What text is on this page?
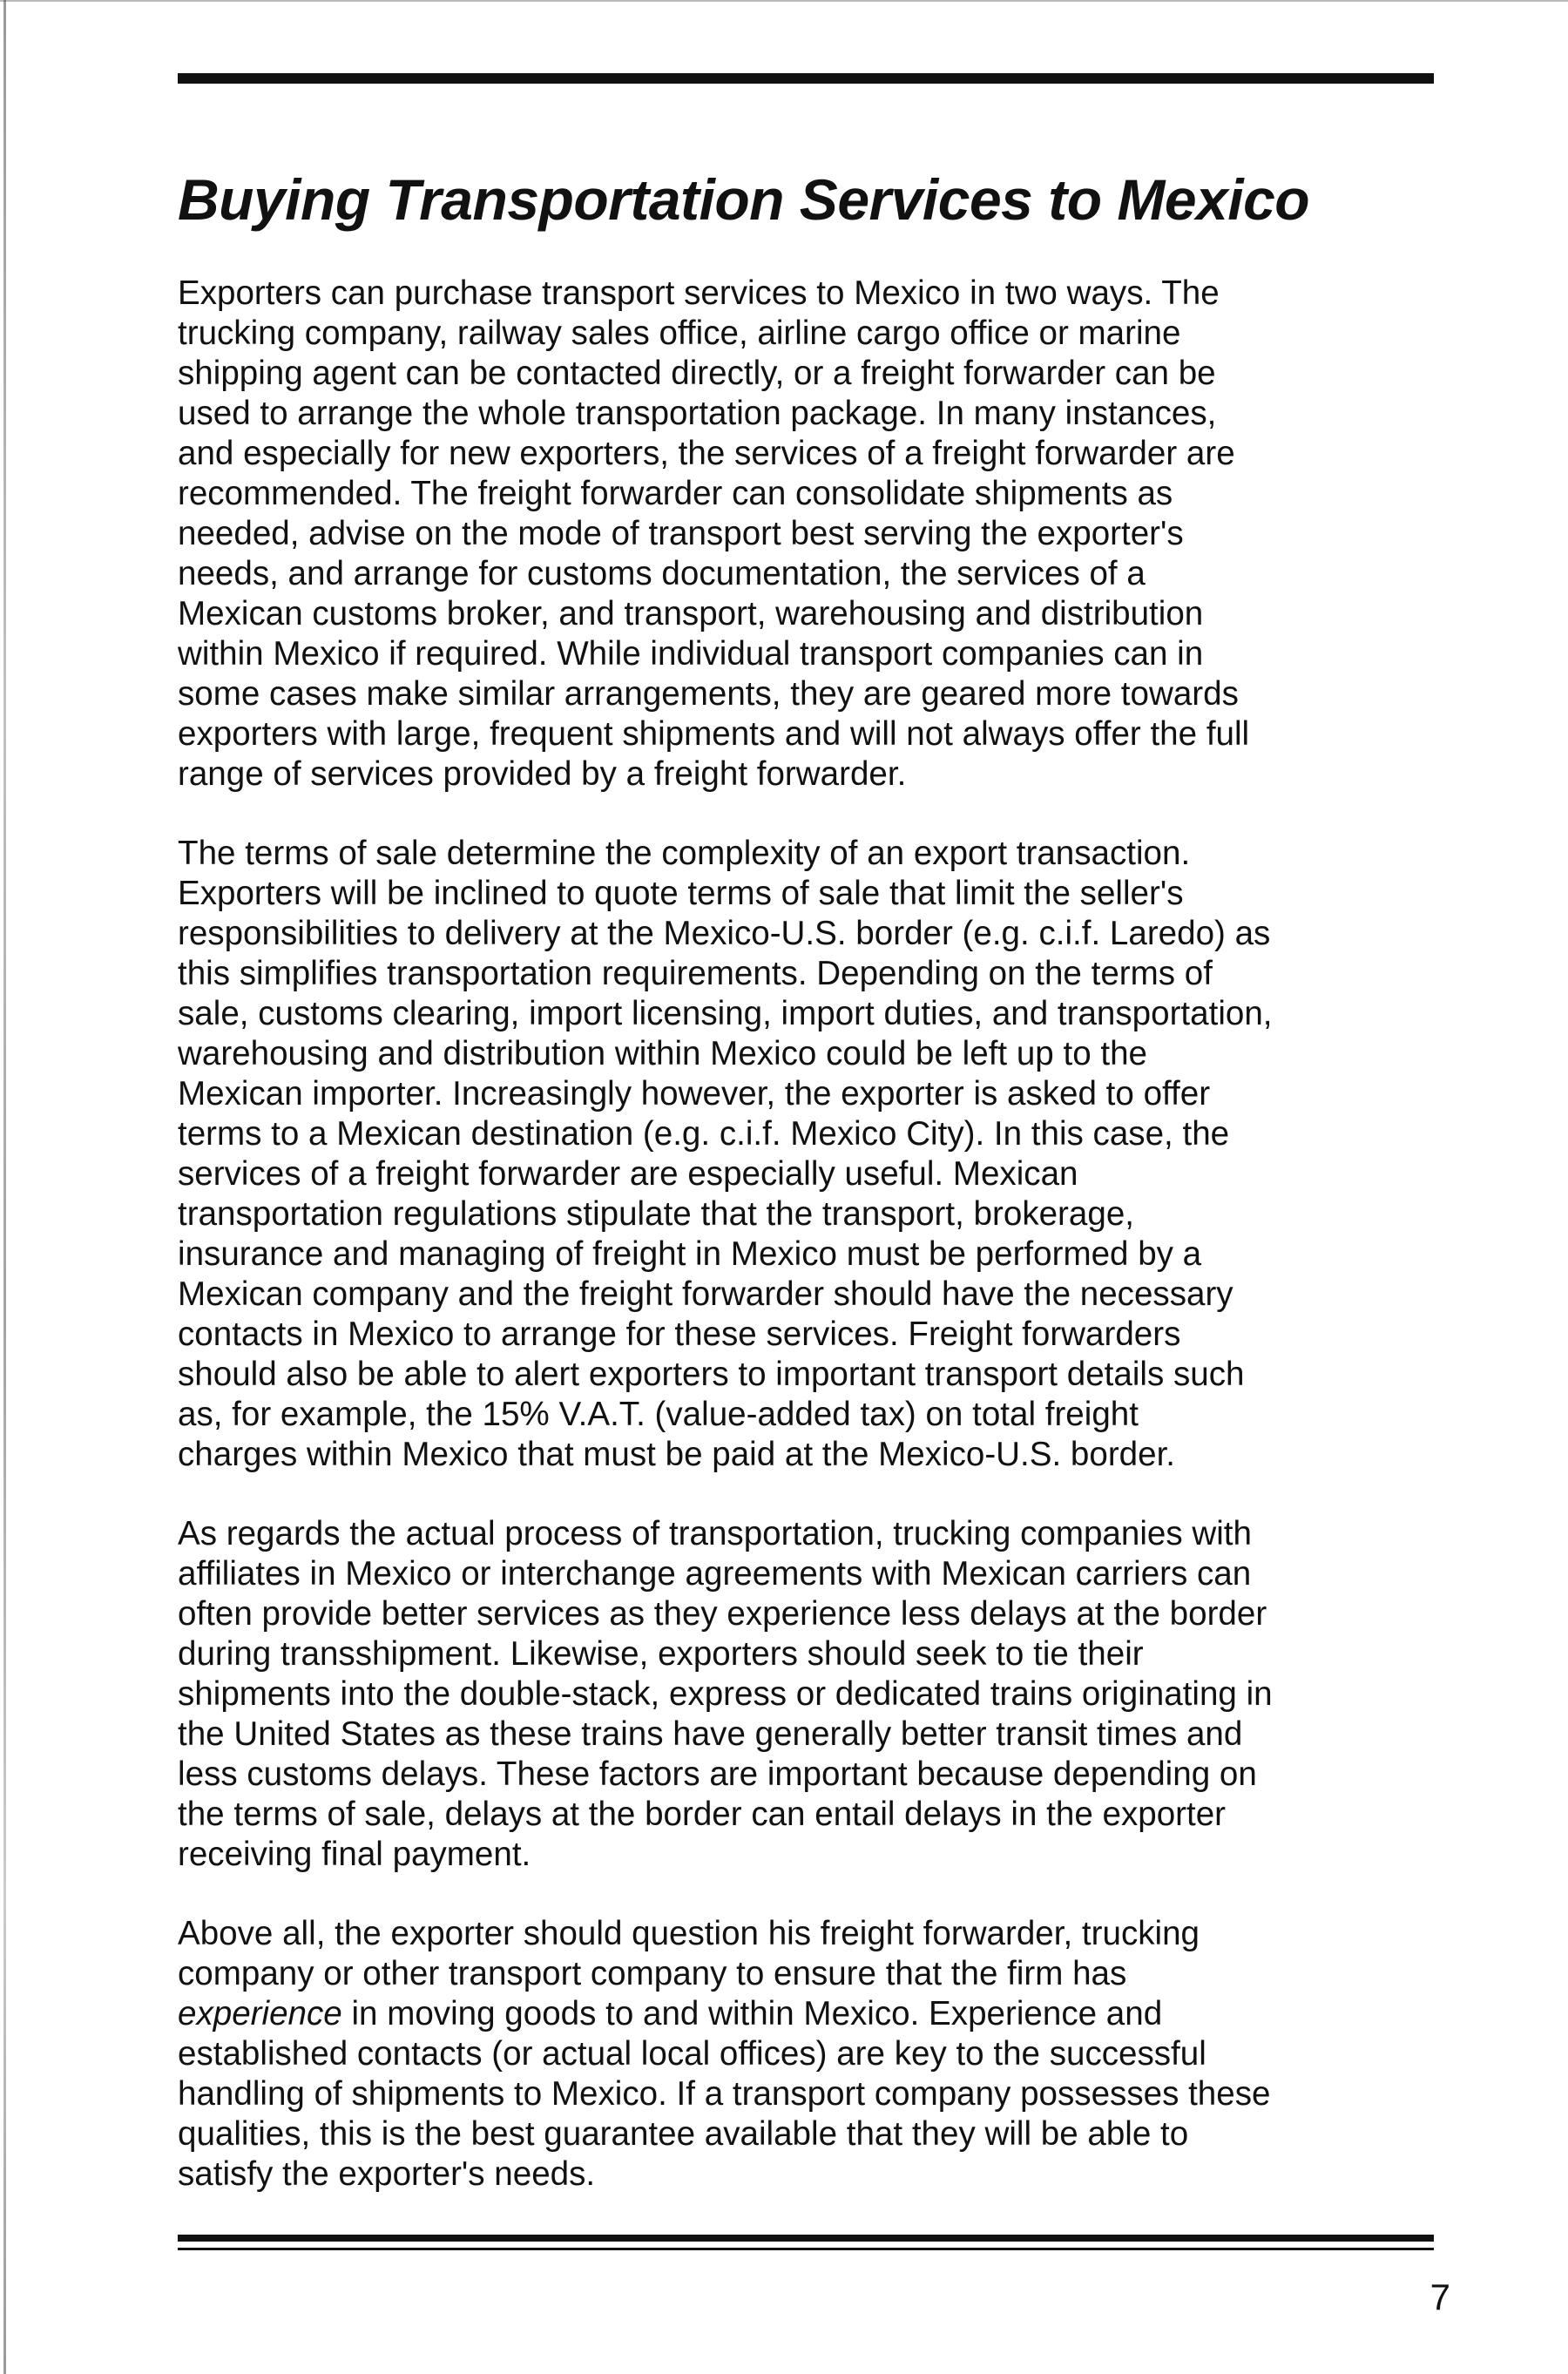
Buying Transportation Services to Mexico

Exporters can purchase transport services to Mexico in two ways. The
trucking company, railway sales office, airline cargo office or marine
shipping agent can be contacted directly, or a freight forwarder can be
used to arrange the whole transportation package. In many instances,
and especially for new exporters, the services of a freight forwarder are
recommended. The freight forwarder can consolidate shipments as
needed, advise on the mode of transport best serving the exporter's
needs, and arrange for customs documentation, the services of a
Mexican customs broker, and transport, warehousing and distribution
within Mexico if required. While individual transport companies can in
some cases make similar arrangements, they are geared more towards
exporters with large, frequent shipments and will not always offer the full
range of services provided by a freight forwarder.

The terms of sale determine the complexity of an export transaction.
Exporters will be inclined to quote terms of sale that limit the seller's
responsibilities to delivery at the Mexico-U.S. border (e.g. c.i.f. Laredo) as
this simplifies transportation requirements. Depending on the terms of
sale, customs clearing, import licensing, import duties, and transportation,
warehousing and distribution within Mexico could be left up to the
Mexican importer. Increasingly however, the exporter is asked to offer
terms to a Mexican destination (e.g. c.i.f. Mexico City). In this case, the
services of a freight forwarder are especially useful. Mexican
transportation regulations stipulate that the transport, brokerage,
insurance and managing of freight in Mexico must be performed by a
Mexican company and the freight forwarder should have the necessary
contacts in Mexico to arrange for these services. Freight forwarders
should also be able to alert exporters to important transport details such
as, for example, the 15% V.A.T. (value-added tax) on total freight
charges within Mexico that must be paid at the Mexico-U.S. border.

As regards the actual process of transportation, trucking companies with
affiliates in Mexico or interchange agreements with Mexican carriers can
often provide better services as they experience less delays at the border
during transshipment. Likewise, exporters should seek to tie their
shipments into the double-stack, express or dedicated trains originating in
the United States as these trains have generally better transit times and
less customs delays. These factors are important because depending on
the terms of sale, delays at the border can entail delays in the exporter
receiving final payment.

Above all, the exporter should question his freight forwarder, trucking
company or other transport company to ensure that the firm has
experience in moving goods to and within Mexico. Experience and
established contacts (or actual local offices) are key to the successful
handling of shipments to Mexico. If a transport company possesses these
qualities, this is the best guarantee available that they will be able to
satisfy the exporter's needs.

7
